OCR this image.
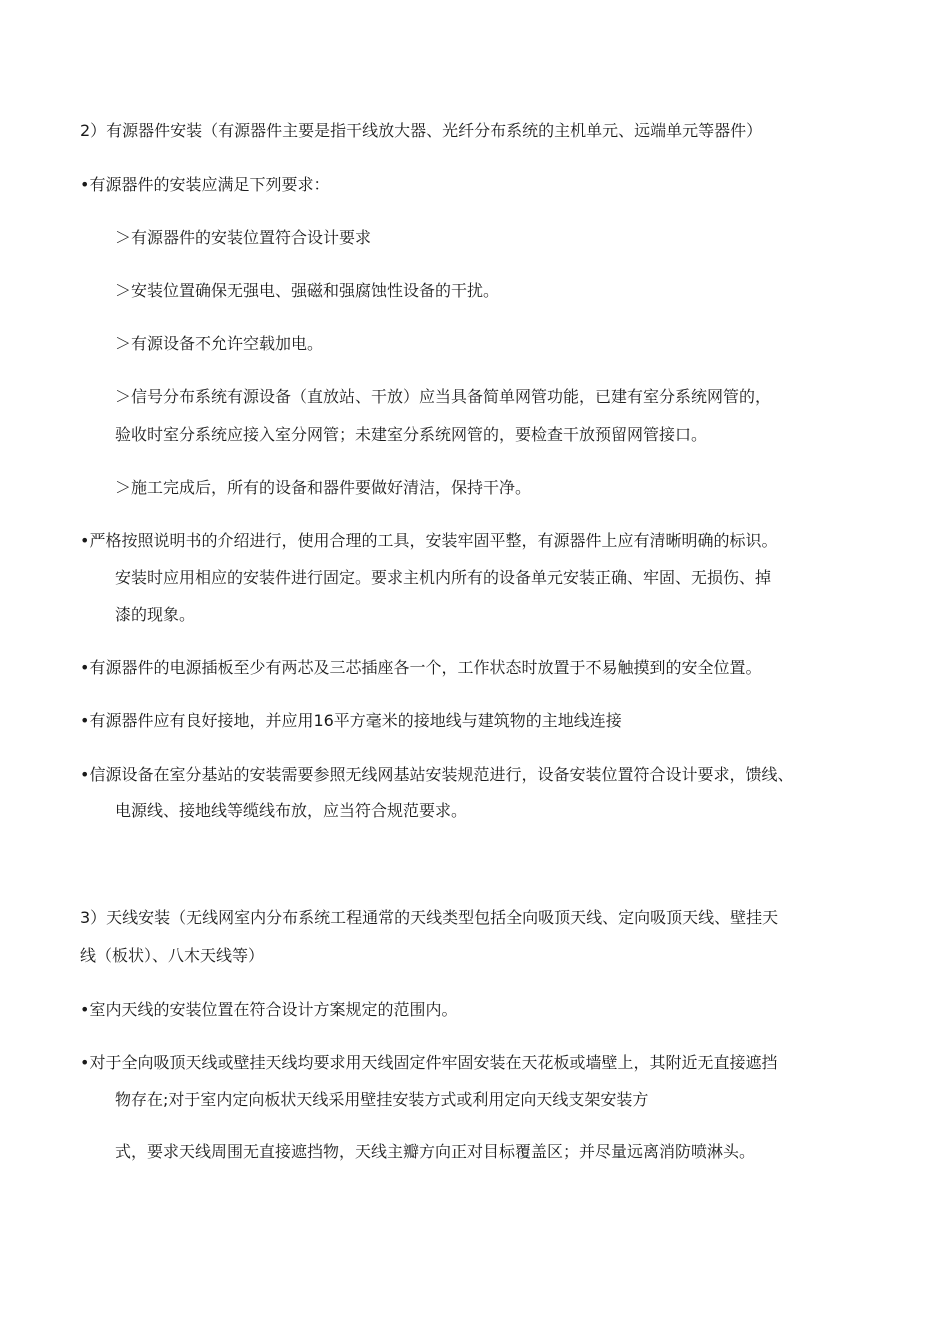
2）有源器件安装（有源器件主要是指干线放大器、光纤分布系统的主机单元、远端单元等器件）
•有源器件的安装应满足下列要求：
＞有源器件的安装位置符合设计要求
＞安装位置确保无强电、强磁和强腐蚀性设备的干扰。
＞有源设备不允许空载加电。
＞信号分布系统有源设备（直放站、干放）应当具备简单网管功能，已建有室分系统网管的，
验收时室分系统应接入室分网管；未建室分系统网管的，要检查干放预留网管接口。
＞施工完成后，所有的设备和器件要做好清洁，保持干净。
•严格按照说明书的介绍进行，使用合理的工具，安装牢固平整，有源器件上应有清晰明确的标识。
安装时应用相应的安装件进行固定。要求主机内所有的设备单元安装正确、牢固、无损伤、掉
漆的现象。
•有源器件的电源插板至少有两芯及三芯插座各一个，工作状态时放置于不易触摸到的安全位置。
•有源器件应有良好接地，并应用16平方毫米的接地线与建筑物的主地线连接
•信源设备在室分基站的安装需要参照无线网基站安装规范进行，设备安装位置符合设计要求，馈线、
电源线、接地线等缆线布放，应当符合规范要求。
3）天线安装（无线网室内分布系统工程通常的天线类型包括全向吸顶天线、定向吸顶天线、壁挂天
线（板状）、八木天线等）
•室内天线的安装位置在符合设计方案规定的范围内。
•对于全向吸顶天线或壁挂天线均要求用天线固定件牢固安装在天花板或墙壁上，其附近无直接遮挡
物存在;对于室内定向板状天线采用壁挂安装方式或利用定向天线支架安装方
式，要求天线周围无直接遮挡物，天线主瓣方向正对目标覆盖区；并尽量远离消防喷淋头。
